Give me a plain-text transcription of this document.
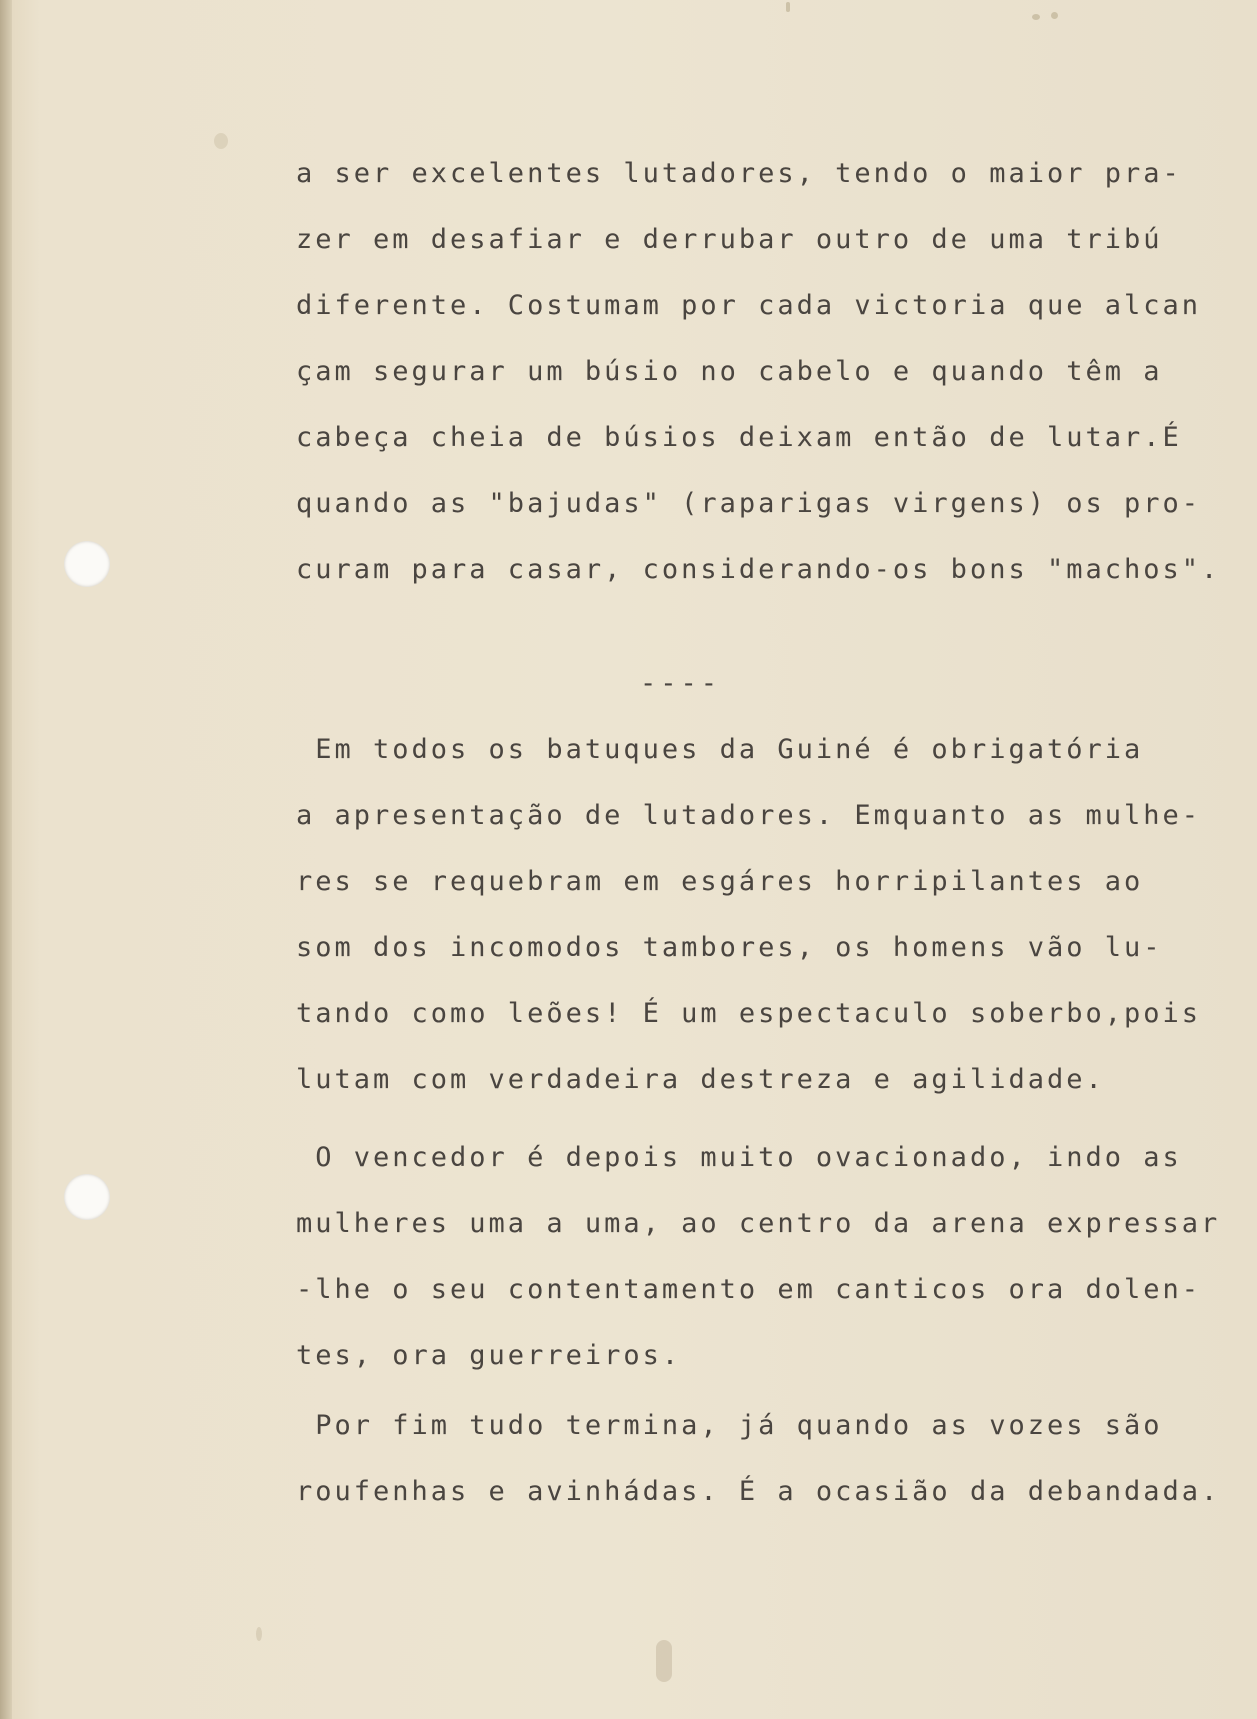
a ser excelentes lutadores, tendo o maior pra-

zer em desafiar e derrubar outro de uma tribú

diferente. Costumam por cada victoria que alcan

çam segurar um búsio no cabelo e quando têm a

cabeça cheia de búsios deixam então de lutar.É

quando as "bajudas" (raparigas virgens) os pro-

curam para casar, considerando-os bons "machos".

----

Em todos os batuques da Guiné é obrigatória

a apresentação de lutadores. Emquanto as mulhe-

res se requebram em esgáres horripilantes ao

som dos incomodos tambores, os homens vão lu-

tando como leões! É um espectaculo soberbo,pois

lutam com verdadeira destreza e agilidade.

O vencedor é depois muito ovacionado, indo as

mulheres uma a uma, ao centro da arena expressar

-lhe o seu contentamento em canticos ora dolen-

tes, ora guerreiros.

Por fim tudo termina, já quando as vozes são

roufenhas e avinhádas. É a ocasião da debandada.
